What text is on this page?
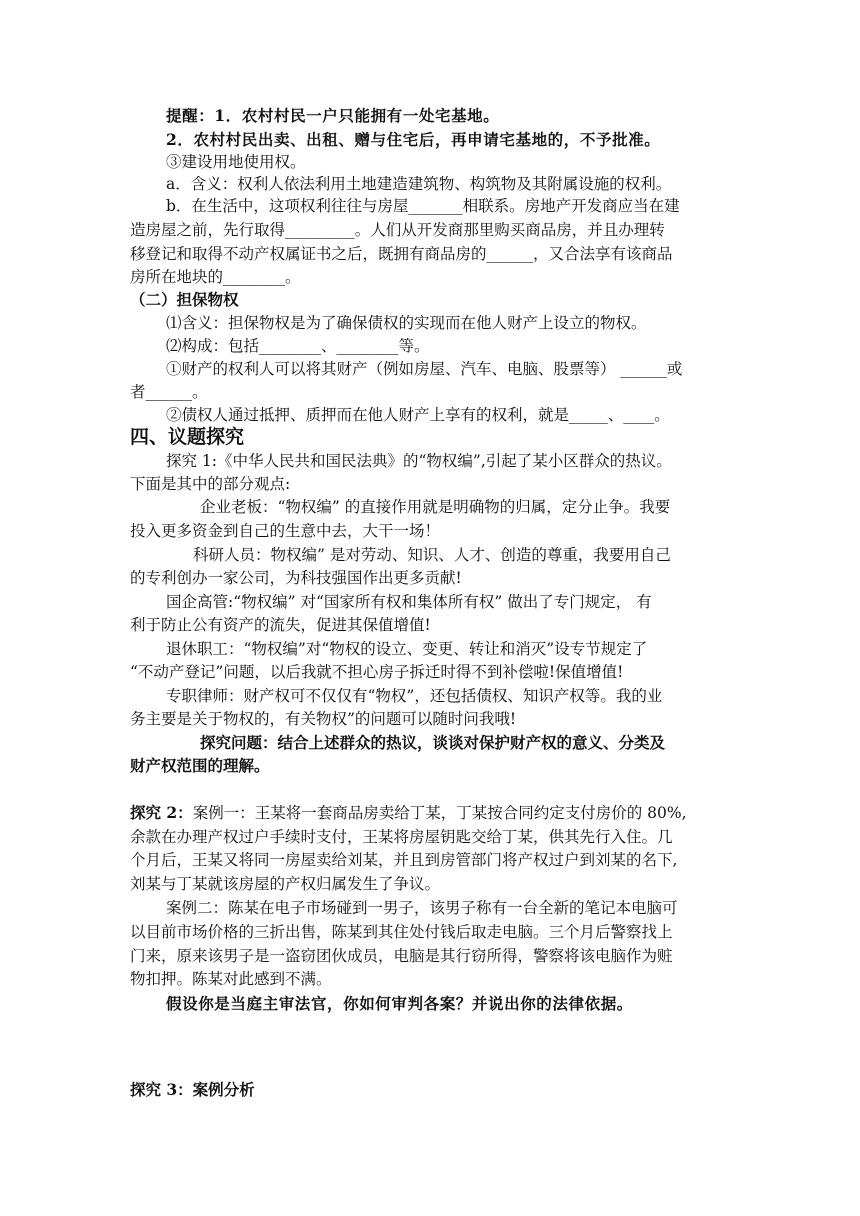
提醒：1．农村村民一户只能拥有一处宅基地。
2．农村村民出卖、出租、赠与住宅后，再申请宅基地的，不予批准。
③建设用地使用权。
a．含义：权利人依法利用土地建造建筑物、构筑物及其附属设施的权利。
b．在生活中，这项权利往往与房屋_______相联系。房地产开发商应当在建
造房屋之前，先行取得_________。人们从开发商那里购买商品房，并且办理转
移登记和取得不动产权属证书之后，既拥有商品房的______，又合法享有该商品
房所在地块的________。
（二）担保物权
⑴含义：担保物权是为了确保债权的实现而在他人财产上设立的物权。
⑵构成：包括________、________等。
①财产的权利人可以将其财产（例如房屋、汽车、电脑、股票等） ______或
者______。
②债权人通过抵押、质押而在他人财产上享有的权利，就是_____、____。
四、议题探究
探究 1:《中华人民共和国民法典》的“物权编”,引起了某小区群众的热议。
下面是其中的部分观点:
企业老板：“物权编” 的直接作用就是明确物的归属，定分止争。我要
投入更多资金到自己的生意中去，大干一场！
科研人员：物权编” 是对劳动、知识、人才、创造的尊重，我要用自己
的专利创办一家公司，为科技强国作出更多贡献!
国企高管:“物权编” 对“国家所有权和集体所有权” 做出了专门规定， 有
利于防止公有资产的流失，促进其保值增值!
退休职工：“物权编”对“物权的设立、变更、转让和消灭”设专节规定了
“不动产登记”问题，以后我就不担心房子拆迁时得不到补偿啦!保值增值!
专职律师：财产权可不仅仅有“物权”，还包括债权、知识产权等。我的业
务主要是关于物权的，有关物权”的问题可以随时问我哦!
探究问题：结合上述群众的热议，谈谈对保护财产权的意义、分类及
财产权范围的理解。
探究 2：案例一：王某将一套商品房卖给丁某，丁某按合同约定支付房价的 80%,
余款在办理产权过户手续时支付，王某将房屋钥匙交给丁某，供其先行入住。几
个月后，王某又将同一房屋卖给刘某，并且到房管部门将产权过户到刘某的名下,
刘某与丁某就该房屋的产权归属发生了争议。
案例二：陈某在电子市场碰到一男子，该男子称有一台全新的笔记本电脑可
以目前市场价格的三折出售，陈某到其住处付钱后取走电脑。三个月后警察找上
门来，原来该男子是一盗窃团伙成员，电脑是其行窃所得，警察将该电脑作为赃
物扣押。陈某对此感到不满。
假设你是当庭主审法官，你如何审判各案？并说出你的法律依据。
探究 3：案例分析
